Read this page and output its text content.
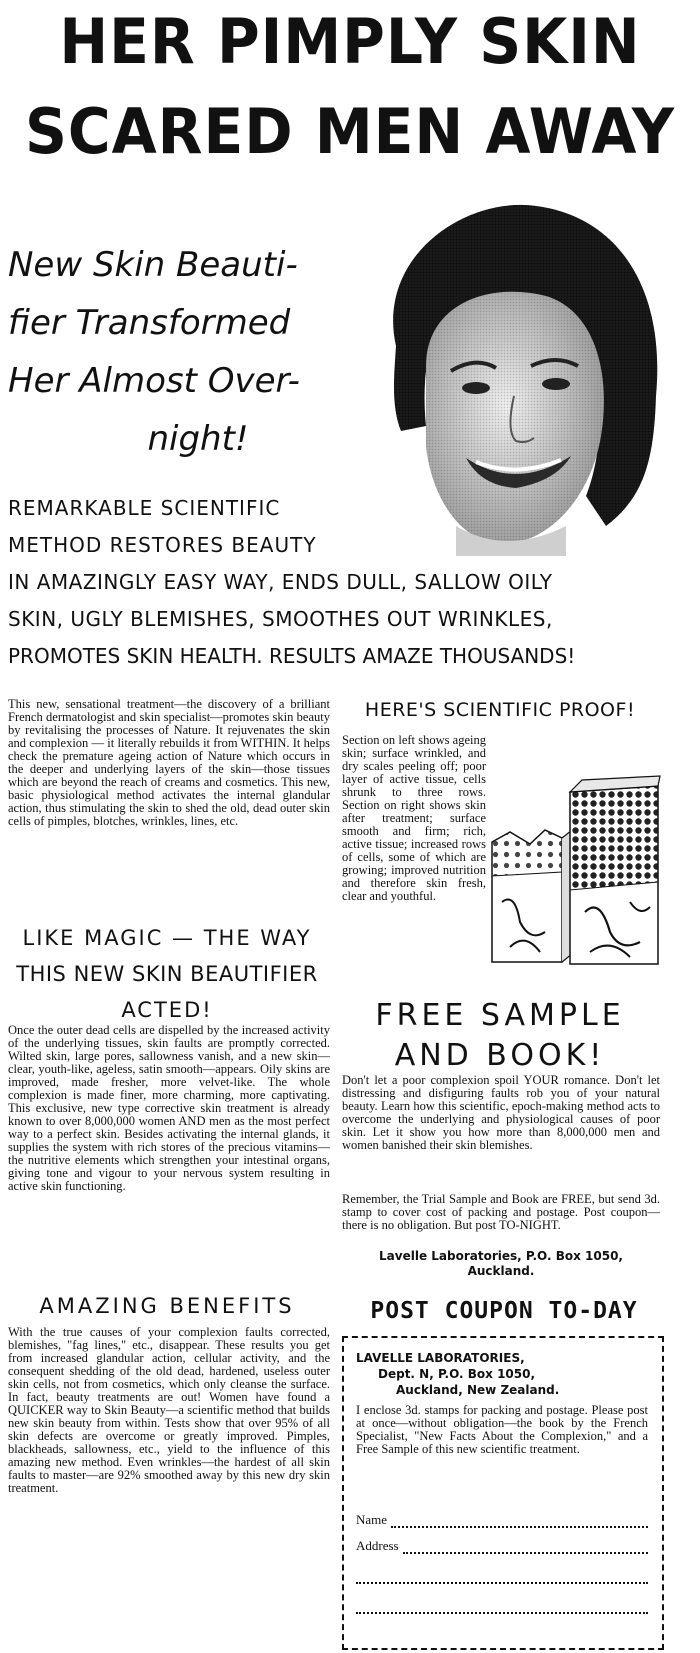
HER PIMPLY SKIN
SCARED MEN AWAY
New Skin Beauti-
fier Transformed
Her Almost Over-
night!
REMARKABLE SCIENTIFIC
METHOD RESTORES BEAUTY
IN AMAZINGLY EASY WAY, ENDS DULL, SALLOW OILY
SKIN, UGLY BLEMISHES, SMOOTHES OUT WRINKLES,
PROMOTES SKIN HEALTH. RESULTS AMAZE THOUSANDS!
This new, sensational treatment—the discovery of a brilliant French dermatologist and skin specialist—promotes skin beauty by revitalising the processes of Nature. It rejuvenates the skin and complexion — it literally rebuilds it from WITHIN. It helps check the premature ageing action of Nature which occurs in the deeper and underlying layers of the skin—those tissues which are beyond the reach of creams and cosmetics. This new, basic physiological method activates the internal glandular action, thus stimulating the skin to shed the old, dead outer skin cells of pimples, blotches, wrinkles, lines, etc.
LIKE MAGIC — THE WAY
THIS NEW SKIN BEAUTIFIER
ACTED!
Once the outer dead cells are dispelled by the increased activity of the underlying tissues, skin faults are promptly corrected. Wilted skin, large pores, sallowness vanish, and a new skin—clear, youth-like, ageless, satin smooth—appears. Oily skins are improved, made fresher, more velvet-like. The whole complexion is made finer, more charming, more captivating. This exclusive, new type corrective skin treatment is already known to over 8,000,000 women AND men as the most perfect way to a perfect skin. Besides activating the internal glands, it supplies the system with rich stores of the precious vitamins—the nutritive elements which strengthen your intestinal organs, giving tone and vigour to your nervous system resulting in active skin functioning.
AMAZING BENEFITS
With the true causes of your complexion faults corrected, blemishes, "fag lines," etc., disappear. These results you get from increased glandular action, cellular activity, and the consequent shedding of the old dead, hardened, useless outer skin cells, not from cosmetics, which only cleanse the surface. In fact, beauty treatments are out! Women have found a QUICKER way to Skin Beauty—a scientific method that builds new skin beauty from within. Tests show that over 95% of all skin defects are overcome or greatly improved. Pimples, blackheads, sallowness, etc., yield to the influence of this amazing new method. Even wrinkles—the hardest of all skin faults to master—are 92% smoothed away by this new dry skin treatment.
HERE'S SCIENTIFIC PROOF!
Section on left shows ageing skin; surface wrinkled, and dry scales peeling off; poor layer of active tissue, cells shrunk to three rows. Section on right shows skin after treatment; surface smooth and firm; rich, active tissue; increased rows of cells, some of which are growing; improved nutrition and therefore skin fresh, clear and youthful.
FREE SAMPLE
AND BOOK!
Don't let a poor complexion spoil YOUR romance. Don't let distressing and disfiguring faults rob you of your natural beauty. Learn how this scientific, epoch-making method acts to overcome the underlying and physiological causes of poor skin. Let it show you how more than 8,000,000 men and women banished their skin blemishes.
Remember, the Trial Sample and Book are FREE, but send 3d. stamp to cover cost of packing and postage. Post coupon—there is no obligation. But post TO-NIGHT.
Lavelle Laboratories, P.O. Box 1050,
Auckland.
POST COUPON TO-DAY
LAVELLE LABORATORIES,
Dept. N, P.O. Box 1050,
Auckland, New Zealand.
I enclose 3d. stamps for packing and postage. Please post at once—without obligation—the book by the French Specialist, "New Facts About the Complexion," and a Free Sample of this new scientific treatment.
Name
Address
